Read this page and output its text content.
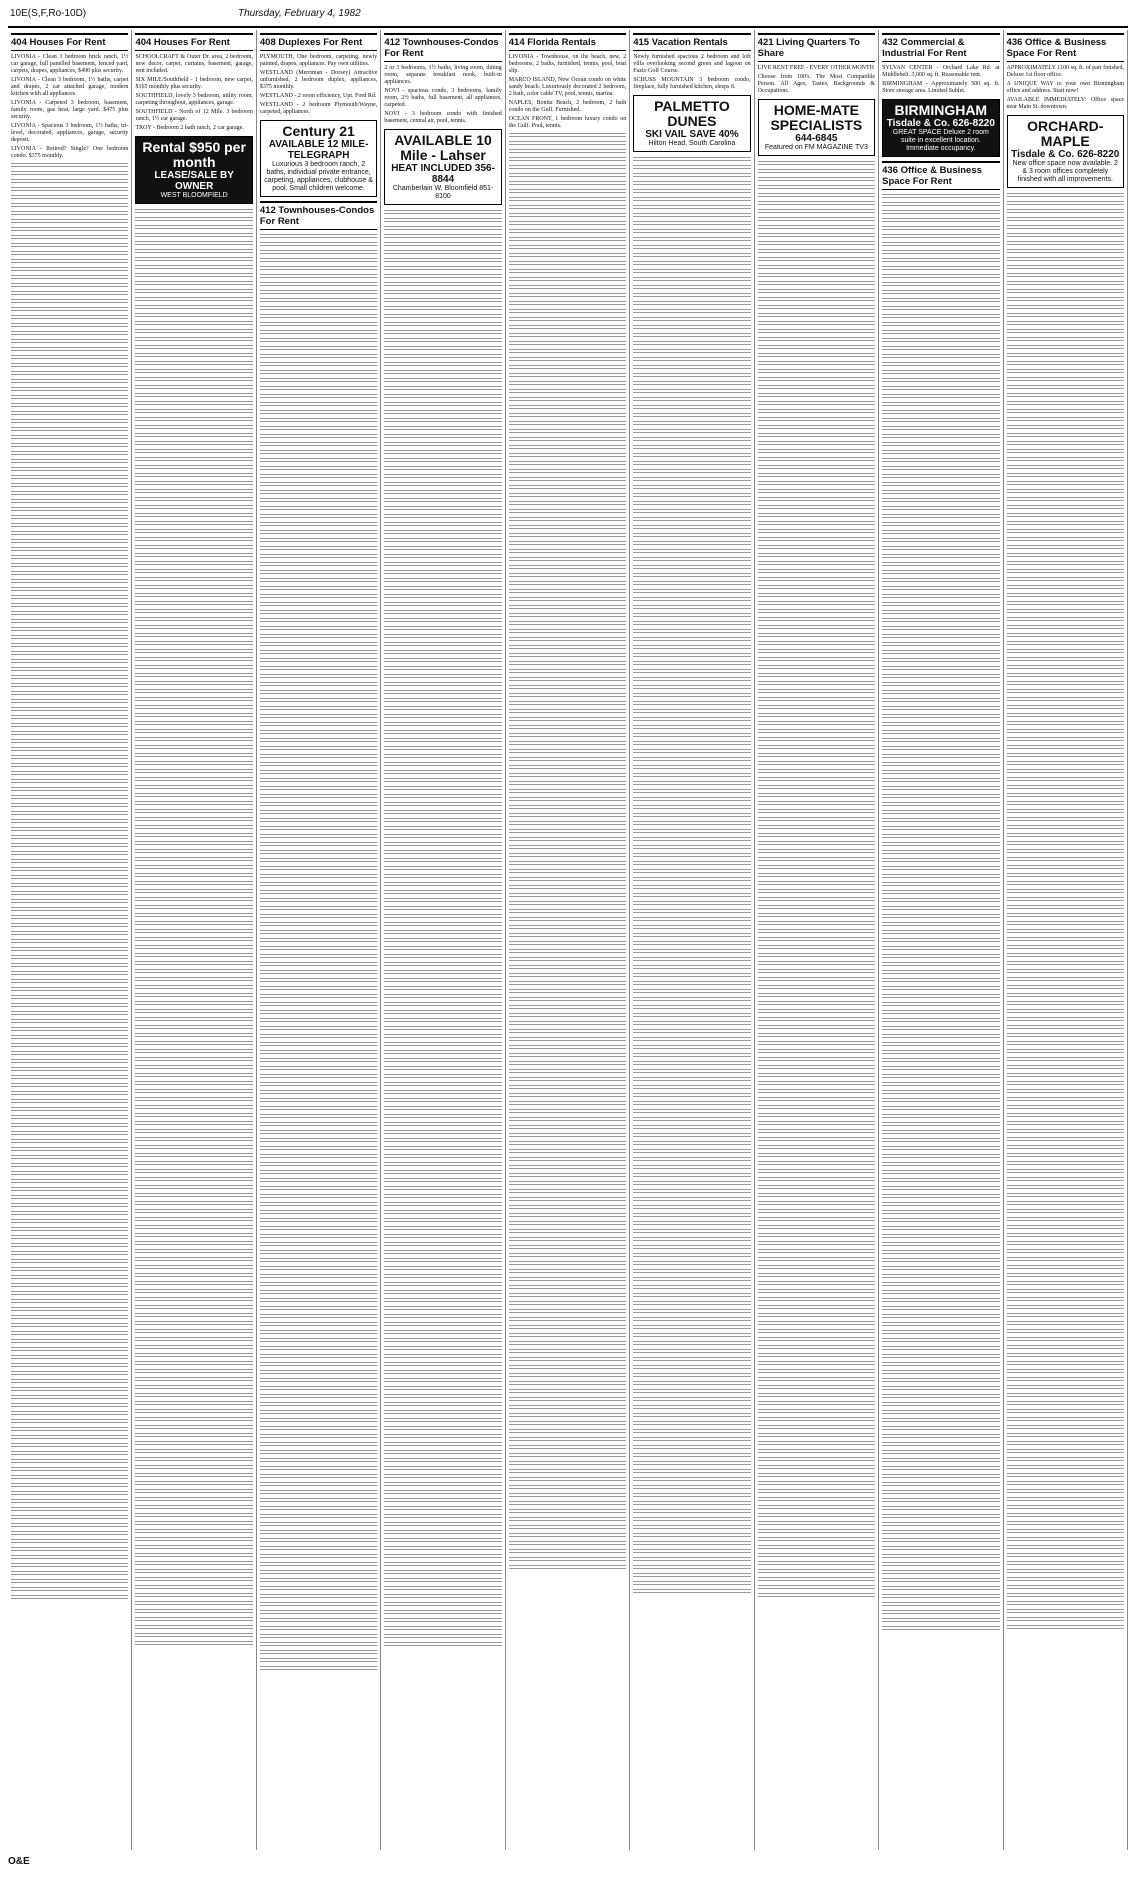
10E(S,F,Ro-10D)	Thursday, February 4, 1982
404 Houses For Rent

LIVONIA - Clean 3 bedroom brick ranch, 1½ car garage, full panelled basement, fenced yard, carpets, drapes, appliances, $490 plus security.

LIVONIA - Clean 3 bedroom, 1½ baths, carpet and drapes, 2 car attached garage, modern kitchen with all appliances.

LIVONIA - Carpeted 3 bedroom, basement, family room, gas heat, large yard. $475 plus security.

LIVONIA - Spacious 3 bedroom, 1½ baths, tri-level, decorated, appliances, garage, security deposit.

LIVONIA - Retired? Single? One bedroom condo. $375 monthly.

404 Houses For Rent

SCHOOLCRAFT & Outer Dr. area, 2 bedroom, new decor, carpet, curtains, basement, garage, rent included.

SIX MILE/Southfield - 1 bedroom, new carpet, $165 monthly plus security.

SOUTHFIELD, lovely 3 bedroom, utility room, carpeting throughout, appliances, garage.

SOUTHFIELD - North of 12 Mile. 3 bedroom ranch, 1½ car garage.

TROY - Bedroom 2 bath ranch, 2 car garage.

Rental $950 per month
LEASE/SALE BY OWNER
WEST BLOOMFIELD
408 Duplexes For Rent

PLYMOUTH, One bedroom, carpeting, newly painted, drapes, appliances. Pay own utilities.

WESTLAND (Merriman - Dorsey) Attractive unfurnished, 2 bedroom duplex, appliances, $375 monthly.

WESTLAND - 2 room efficiency, Upt. Ford Rd.

WESTLAND - 2 bedroom Plymouth/Wayne, carpeted, appliances.

Century 21
AVAILABLE 12 MILE-TELEGRAPH
Luxurious 3 bedroom ranch, 2 baths, individual private entrance, carpeting, appliances, clubhouse & pool. Small children welcome.
412 Townhouses-Condos For Rent
412 Townhouses-Condos For Rent

2 or 3 bedrooms, 1½ baths, living room, dining room, separate breakfast nook, built-in appliances.

NOVI - spacious condo, 3 bedrooms, family room, 2½ baths, full basement, all appliances, carpeted.

NOVI - 3 bedroom condo with finished basement, central air, pool, tennis.

AVAILABLE 10 Mile - Lahser
HEAT INCLUDED 356-8844
Chamberlain W. Bloomfield 851-8100
414 Florida Rentals

LIVONIA - Townhouse, on the beach, new, 2 bedrooms, 2 baths, furnished, tennis, pool, boat slip.

MARCO ISLAND, New Ocean condo on white sandy beach. Luxuriously decorated 2 bedroom, 2 bath, color cable TV, pool, tennis, marina.

NAPLES, Bonita Beach, 2 bedroom, 2 bath condo on the Gulf. Furnished.

OCEAN FRONT, 1 bedroom luxury condo on the Gulf. Pool, tennis.

415 Vacation Rentals

Newly furnished spacious 2 bedroom and loft villa overlooking second green and lagoon on Fazio Golf Course.

SCHUSS MOUNTAIN 3 bedroom condo, fireplace, fully furnished kitchen, sleeps 8.

PALMETTO DUNES
SKI VAIL SAVE 40%
Hilton Head, South Carolina
421 Living Quarters To Share

LIVE RENT FREE - EVERY OTHER MONTH

Choose from 100's. The Most Compatible Person. All Ages, Tastes, Backgrounds & Occupations.

HOME-MATE SPECIALISTS
644-6845
Featured on FM MAGAZINE TV3
432 Commercial & Industrial For Rent

SYLVAN CENTER - Orchard Lake Rd. at Middlebelt. 3,000 sq. ft. Reasonable rent.

BIRMINGHAM - Approximately 500 sq. ft. Store storage area. Limited Sublet.

BIRMINGHAM
Tisdale & Co. 626-8220
GREAT SPACE Deluxe 2 room suite in excellent location. Immediate occupancy.
436 Office & Business Space For Rent
436 Office & Business Space For Rent

APPROXIMATELY 1100 sq. ft. of part finished, Deluxe 1st floor office.

A UNIQUE WAY to your own Birmingham office and address. Start now!

AVAILABLE IMMEDIATELY: Office space near Main St. downtown.

ORCHARD-MAPLE
Tisdale & Co. 626-8220
New office space now available. 2 & 3 room offices completely finished with all improvements.
O&E
